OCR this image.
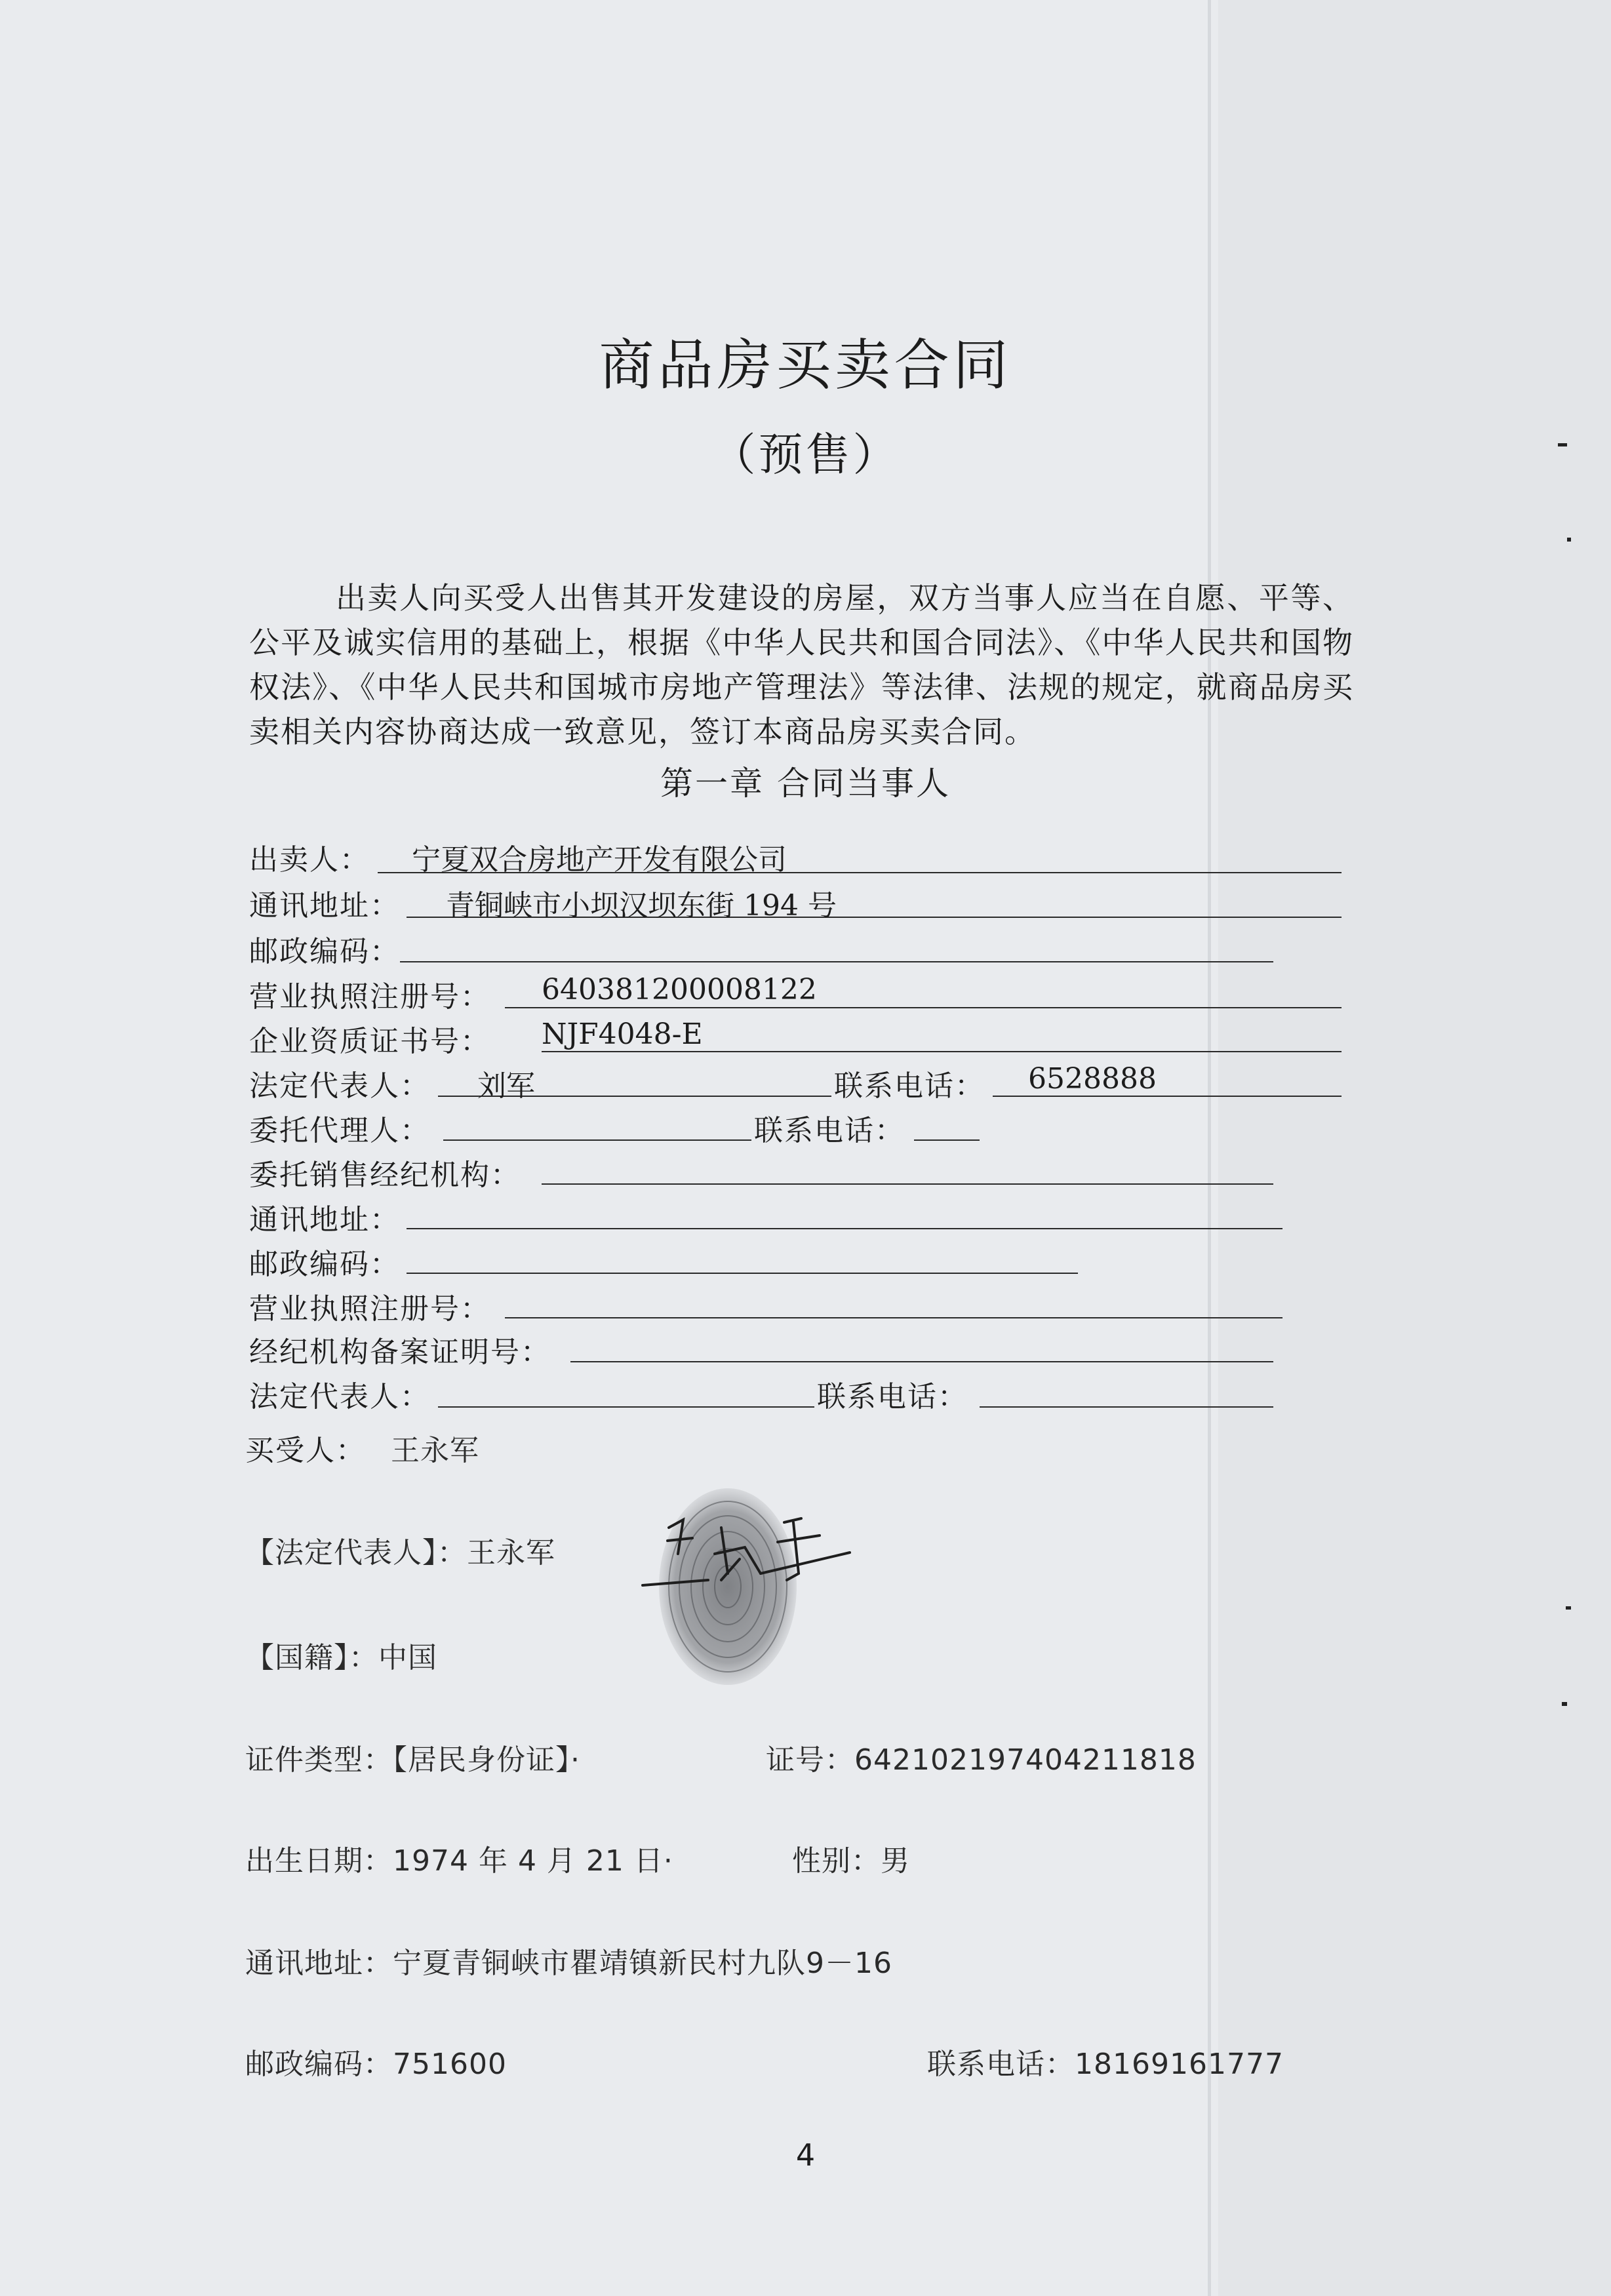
商品房买卖合同
（预售）
出卖人向买受人出售其开发建设的房屋，双方当事人应当在自愿、平等、公平及诚实信用的基础上，根据《中华人民共和国合同法》、《中华人民共和国物权法》、《中华人民共和国城市房地产管理法》等法律、法规的规定，就商品房买卖相关内容协商达成一致意见，签订本商品房买卖合同。
第一章 合同当事人
出卖人： 宁夏双合房地产开发有限公司
通讯地址： 青铜峡市小坝汉坝东街 194 号
邮政编码：
营业执照注册号： 640381200008122
企业资质证书号： NJF4048-E
法定代表人： 刘军	联系电话： 6528888
委托代理人：	联系电话：
委托销售经纪机构：
通讯地址：
邮政编码：
营业执照注册号：
经纪机构备案证明号：
法定代表人：	联系电话：
买受人： 王永军
【法定代表人】：王永军
【国籍】：中国
证件类型：【居民身份证】·	证号：642102197404211818
出生日期：1974 年 4 月 21 日·	性别：男
通讯地址：宁夏青铜峡市瞿靖镇新民村九队9－16
邮政编码：751600	联系电话：18169161777
4
